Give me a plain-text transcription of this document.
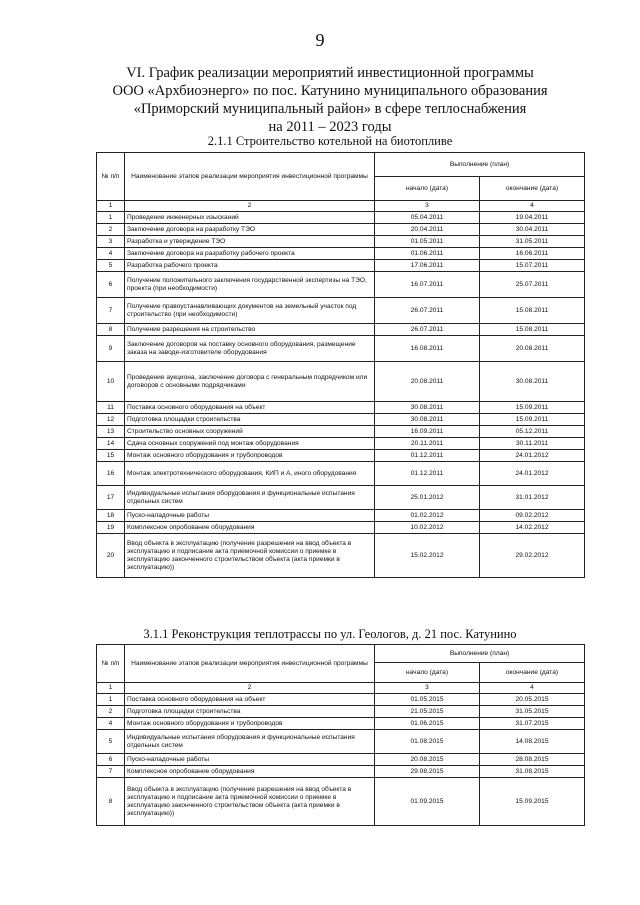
9
VI. График реализации мероприятий инвестиционной программы
ООО «Архбиоэнерго» по пос. Катунино муниципального образования
«Приморский муниципальный район» в сфере теплоснабжения
на 2011 – 2023 годы
2.1.1 Строительство котельной на биотопливе
№ п/п	Наименование этапов реализации мероприятия инвестиционной программы	Выполнение (план)	
		начало (дата)	окончание (дата)
1	2	3	4
1	Проведение инженерных изысканий	05.04.2011	19.04.2011
2	Заключение договора на разработку ТЭО	20.04.2011	30.04.2011
3	Разработка и утверждение ТЭО	01.05.2011	31.05.2011
4	Заключение договора на разработку рабочего проекта	01.06.2011	16.06.2011
5	Разработка рабочего проекта	17.06.2011	15.07.2011
6	Получение положительного заключения государственной экспертизы на ТЭО, проекта (при необходимости)	16.07.2011	25.07.2011
7	Получение правоустанавливающих документов на земельный участок под строительство (при необходимости)	26.07.2011	15.08.2011
8	Получение разрешения на строительство	26.07.2011	15.08.2011
9	Заключение договоров на поставку основного оборудования, размещение заказа на заводе-изготовителе оборудования	16.08.2011	20.08.2011
10	Проведение аукциона, заключение договора с генеральным подрядчиком или договоров с основными подрядчиками	20.08.2011	30.08.2011
11	Поставка основного оборудования на объект	30.08.2011	15.09.2011
12	Подготовка площадки строительства	30.08.2011	15.09.2011
13	Строительство основных сооружений	16.09.2011	05.12.2011
14	Сдача основных сооружений под монтаж оборудования	20.11.2011	30.11.2011
15	Монтаж основного оборудования и трубопроводов	01.12.2011	24.01.2012
16	Монтаж электротехнического оборудования, КИП и А, иного оборудования	01.12.2011	24.01.2012
17	Индивидуальные испытания оборудования и функциональные испытания отдельных систем	25.01.2012	31.01.2012
18	Пуско-наладочные работы	01.02.2012	09.02.2012
19	Комплексное опробование оборудования	10.02.2012	14.02.2012
20	Ввод объекта в эксплуатацию (получение разрешения на ввод объекта в эксплуатацию и подписание акта приемочной комиссии о приемке в эксплуатацию законченного строительством объекта (акта приемки в эксплуатацию))	15.02.2012	29.02.2012
3.1.1 Реконструкция теплотрассы по ул. Геологов, д. 21 пос. Катунино
№ п/п	Наименование этапов реализации мероприятия инвестиционной программы	Выполнение (план)	
		начало (дата)	окончание (дата)
1	2	3	4
1	Поставка основного оборудования на объект	01.05.2015	20.05.2015
2	Подготовка площадки строительства	21.05.2015	31.05.2015
4	Монтаж основного оборудования и трубопроводов	01.06.2015	31.07.2015
5	Индивидуальные испытания оборудования и функциональные испытания отдельных систем	01.08.2015	14.08.2015
6	Пуско-наладочные работы	20.08.2015	28.08.2015
7	Комплексное опробование оборудования	29.08.2015	31.08.2015
8	Ввод объекта в эксплуатацию (получение разрешения на ввод объекта в эксплуатацию и подписание акта приемочной комиссии о приемке в эксплуатацию законченного строительством объекта (акта приемки в эксплуатацию))	01.09.2015	15.09.2015
